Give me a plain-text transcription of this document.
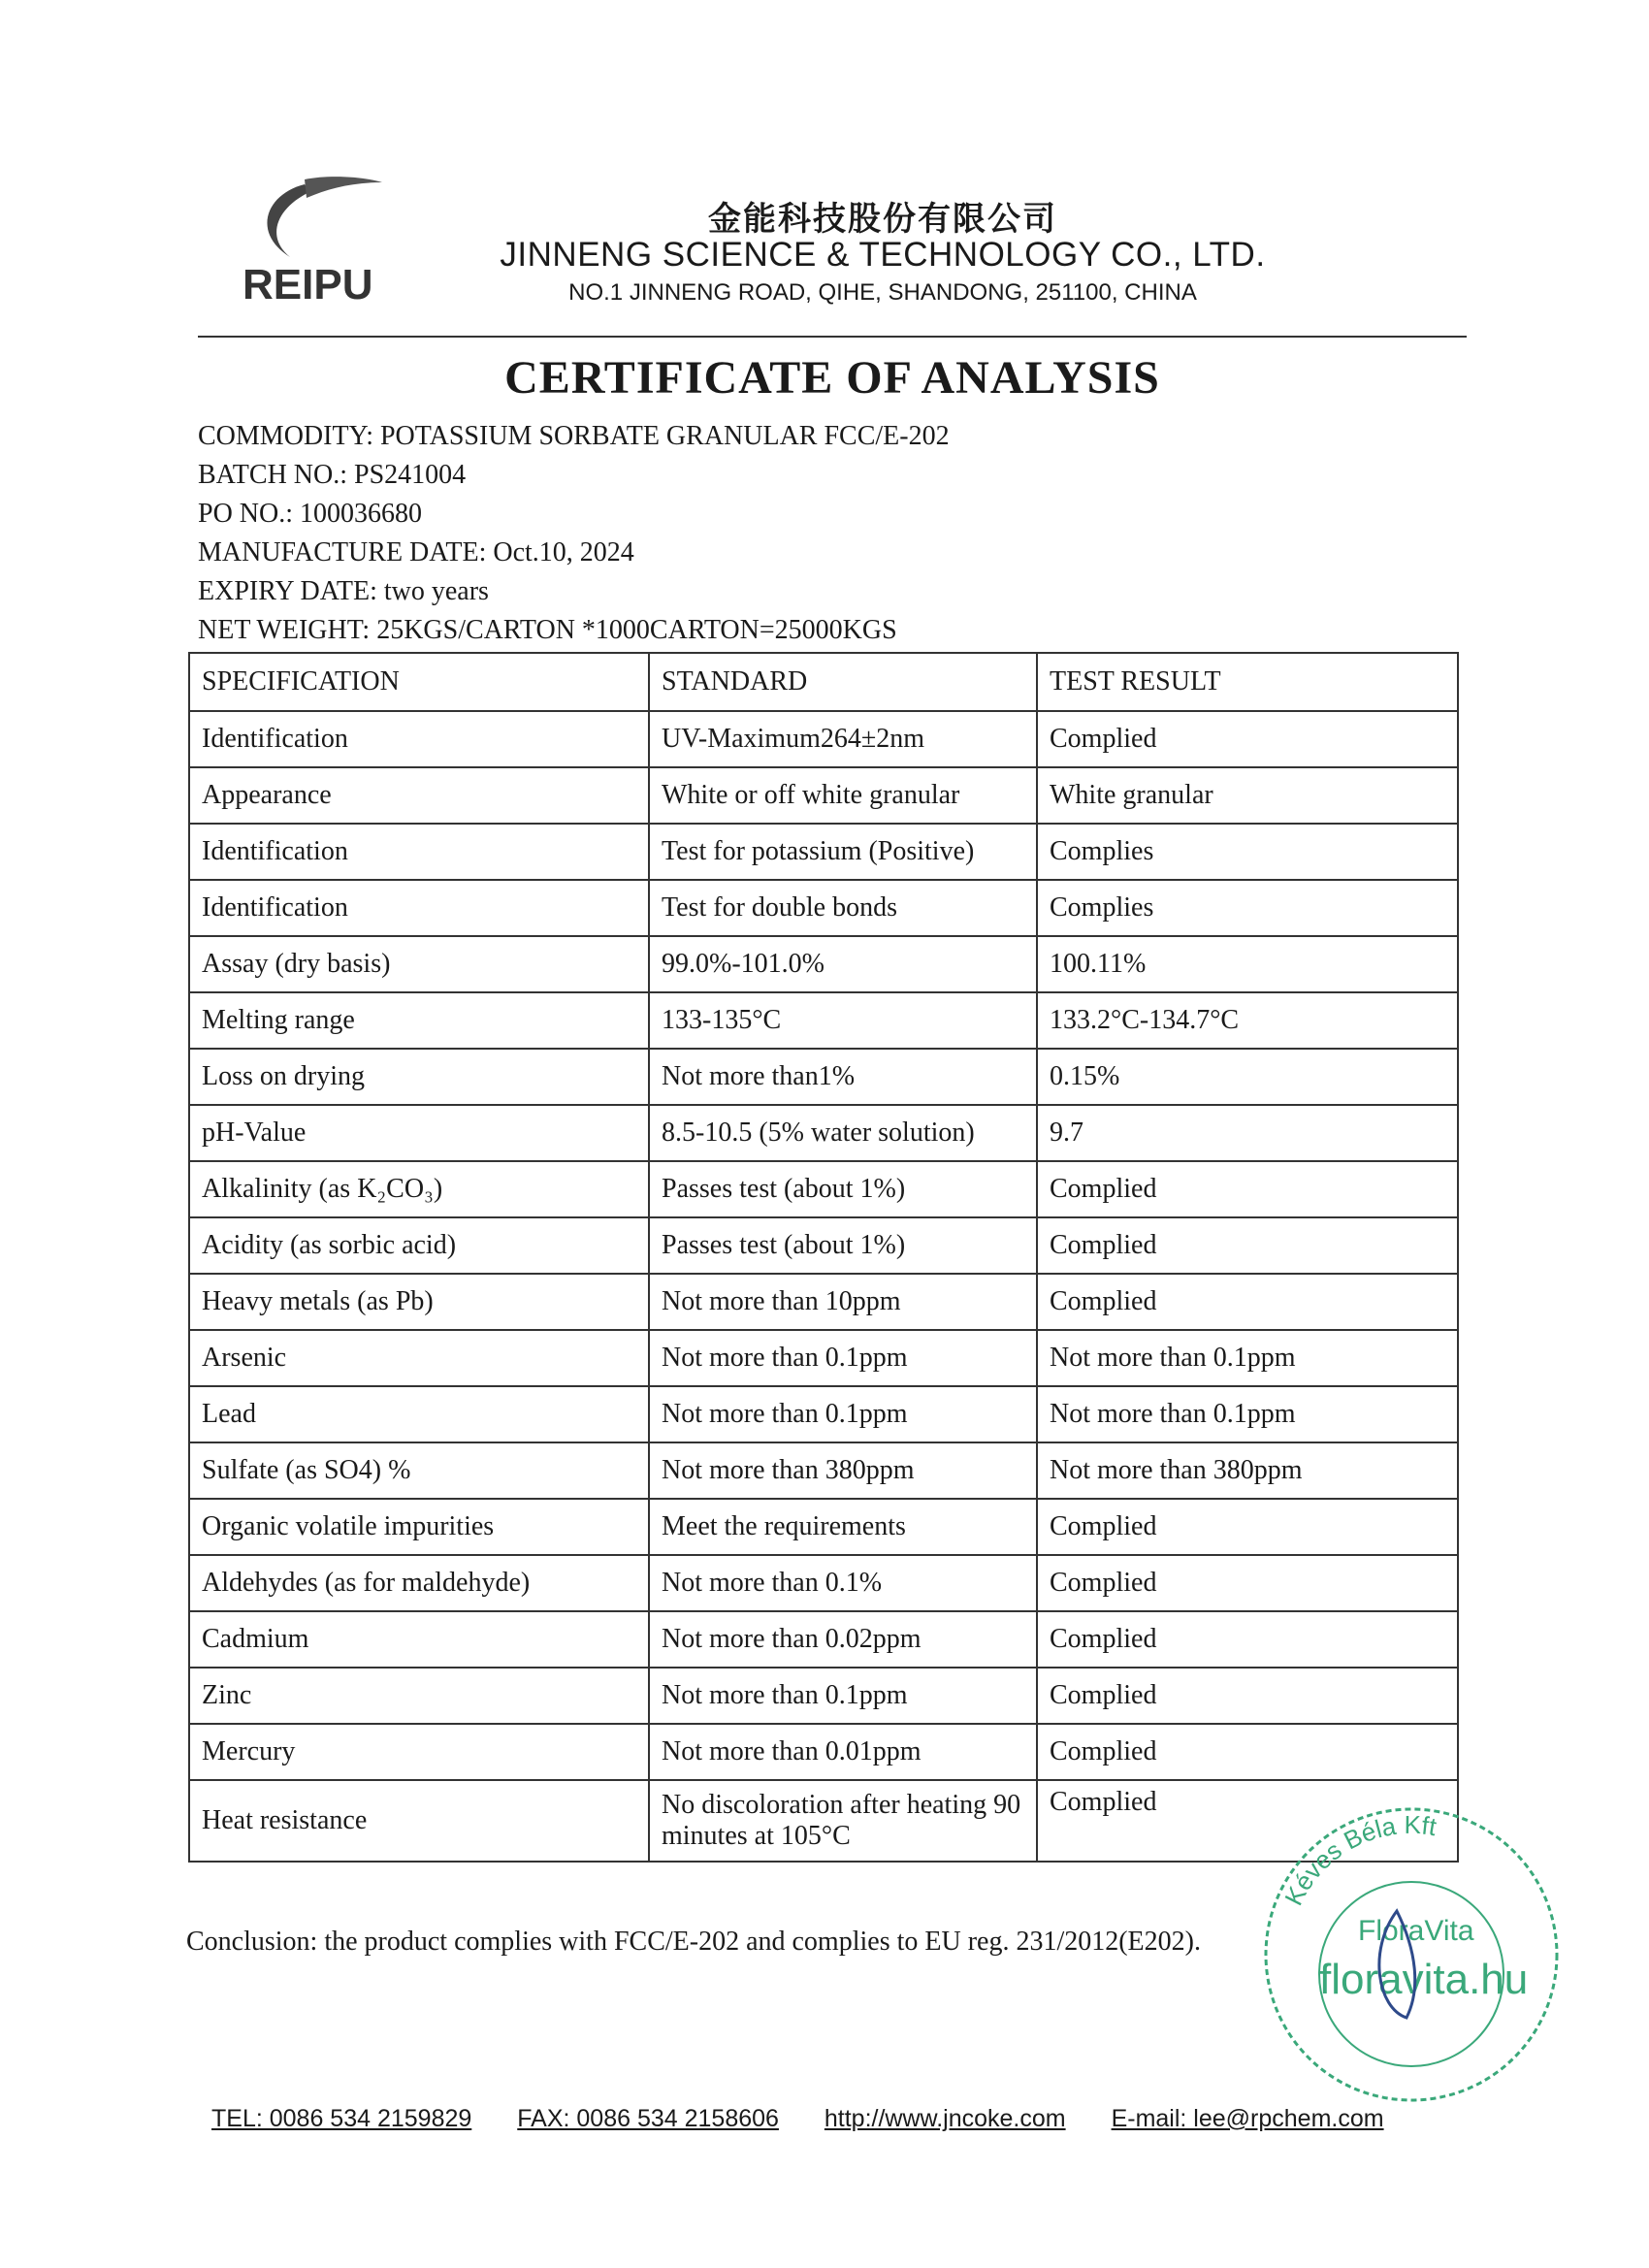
REIPU
金能科技股份有限公司
JINNENG SCIENCE & TECHNOLOGY CO., LTD.
NO.1 JINNENG ROAD, QIHE, SHANDONG, 251100, CHINA
CERTIFICATE OF ANALYSIS
COMMODITY: POTASSIUM SORBATE GRANULAR FCC/E-202
BATCH NO.: PS241004
PO NO.: 100036680
MANUFACTURE DATE: Oct.10, 2024
EXPIRY DATE: two years
NET WEIGHT: 25KGS/CARTON *1000CARTON=25000KGS
SPECIFICATION	STANDARD	TEST RESULT
Identification	UV-Maximum264±2nm	Complied
Appearance	White or off white granular	White granular
Identification	Test for potassium (Positive)	Complies
Identification	Test for double bonds	Complies
Assay (dry basis)	99.0%-101.0%	100.11%
Melting range	133-135°C	133.2°C-134.7°C
Loss on drying	Not more than1%	0.15%
pH-Value	8.5-10.5 (5% water solution)	9.7
Alkalinity (as K₂CO₃)	Passes test (about 1%)	Complied
Acidity (as sorbic acid)	Passes test (about 1%)	Complied
Heavy metals (as Pb)	Not more than 10ppm	Complied
Arsenic	Not more than 0.1ppm	Not more than 0.1ppm
Lead	Not more than 0.1ppm	Not more than 0.1ppm
Sulfate (as SO4) %	Not more than 380ppm	Not more than 380ppm
Organic volatile impurities	Meet the requirements	Complied
Aldehydes (as for maldehyde)	Not more than 0.1%	Complied
Cadmium	Not more than 0.02ppm	Complied
Zinc	Not more than 0.1ppm	Complied
Mercury	Not more than 0.01ppm	Complied
Heat resistance	No discoloration after heating 90 minutes at 105°C	Complied
Conclusion: the product complies with FCC/E-202 and complies to EU reg. 231/2012(E202).
Kéves Béla Kft
FloraVita
floravita.hu
TEL: 0086 534 2159829 FAX: 0086 534 2158606 http://www.jncoke.com E-mail: lee@rpchem.com
